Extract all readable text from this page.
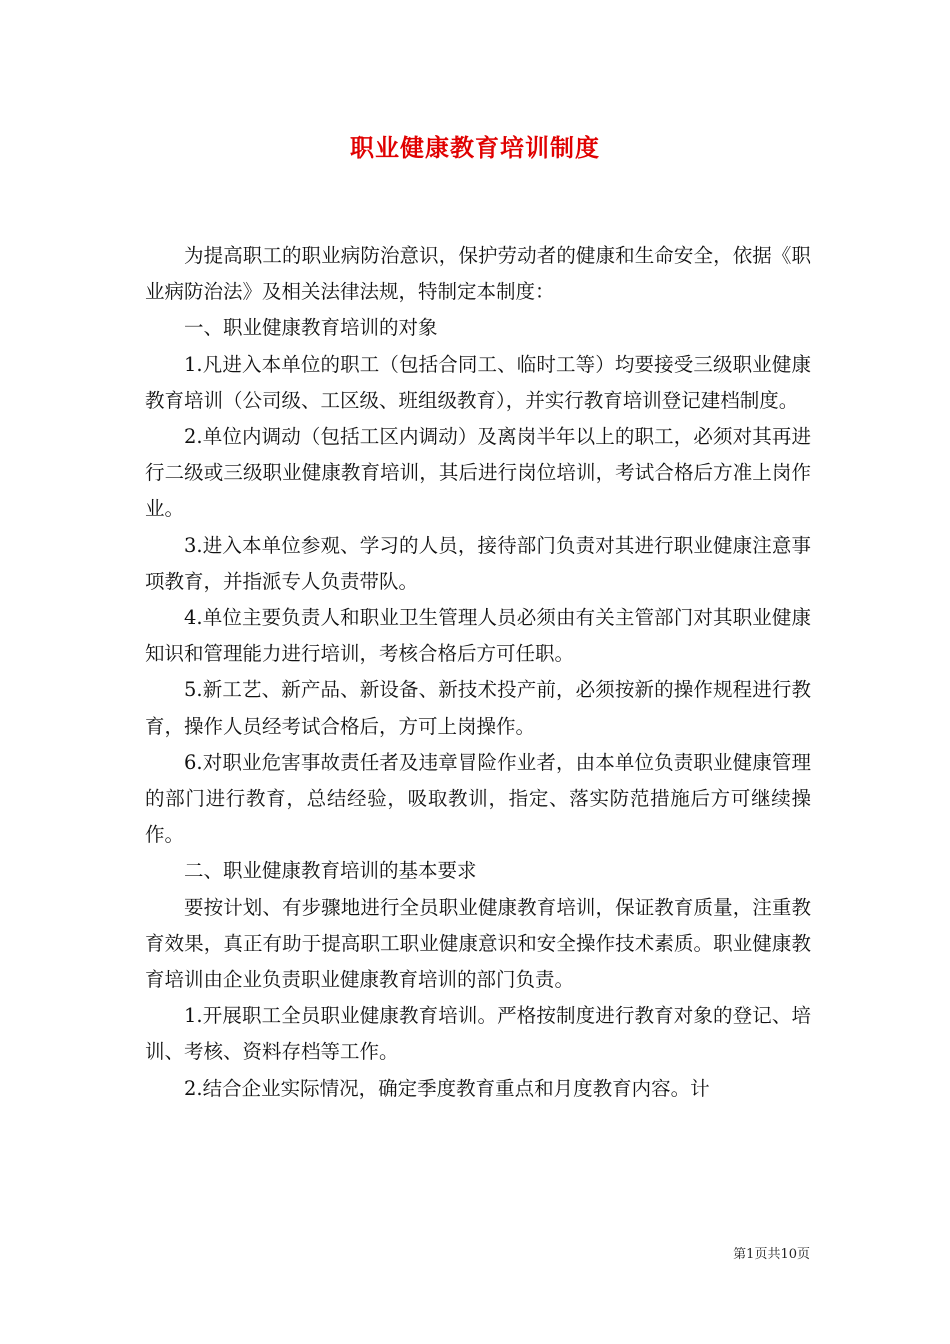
职业健康教育培训制度

为提高职工的职业病防治意识，保护劳动者的健康和生命安全，依据《职业病防治法》及相关法律法规，特制定本制度：

一、职业健康教育培训的对象

1.凡进入本单位的职工（包括合同工、临时工等）均要接受三级职业健康教育培训（公司级、工区级、班组级教育），并实行教育培训登记建档制度。

2.单位内调动（包括工区内调动）及离岗半年以上的职工，必须对其再进行二级或三级职业健康教育培训，其后进行岗位培训，考试合格后方准上岗作业。

3.进入本单位参观、学习的人员，接待部门负责对其进行职业健康注意事项教育，并指派专人负责带队。

4.单位主要负责人和职业卫生管理人员必须由有关主管部门对其职业健康知识和管理能力进行培训，考核合格后方可任职。

5.新工艺、新产品、新设备、新技术投产前，必须按新的操作规程进行教育，操作人员经考试合格后，方可上岗操作。

6.对职业危害事故责任者及违章冒险作业者，由本单位负责职业健康管理的部门进行教育，总结经验，吸取教训，指定、落实防范措施后方可继续操作。

二、职业健康教育培训的基本要求

要按计划、有步骤地进行全员职业健康教育培训，保证教育质量，注重教育效果，真正有助于提高职工职业健康意识和安全操作技术素质。职业健康教育培训由企业负责职业健康教育培训的部门负责。

1.开展职工全员职业健康教育培训。严格按制度进行教育对象的登记、培训、考核、资料存档等工作。

2.结合企业实际情况，确定季度教育重点和月度教育内容。计

第1页共10页
